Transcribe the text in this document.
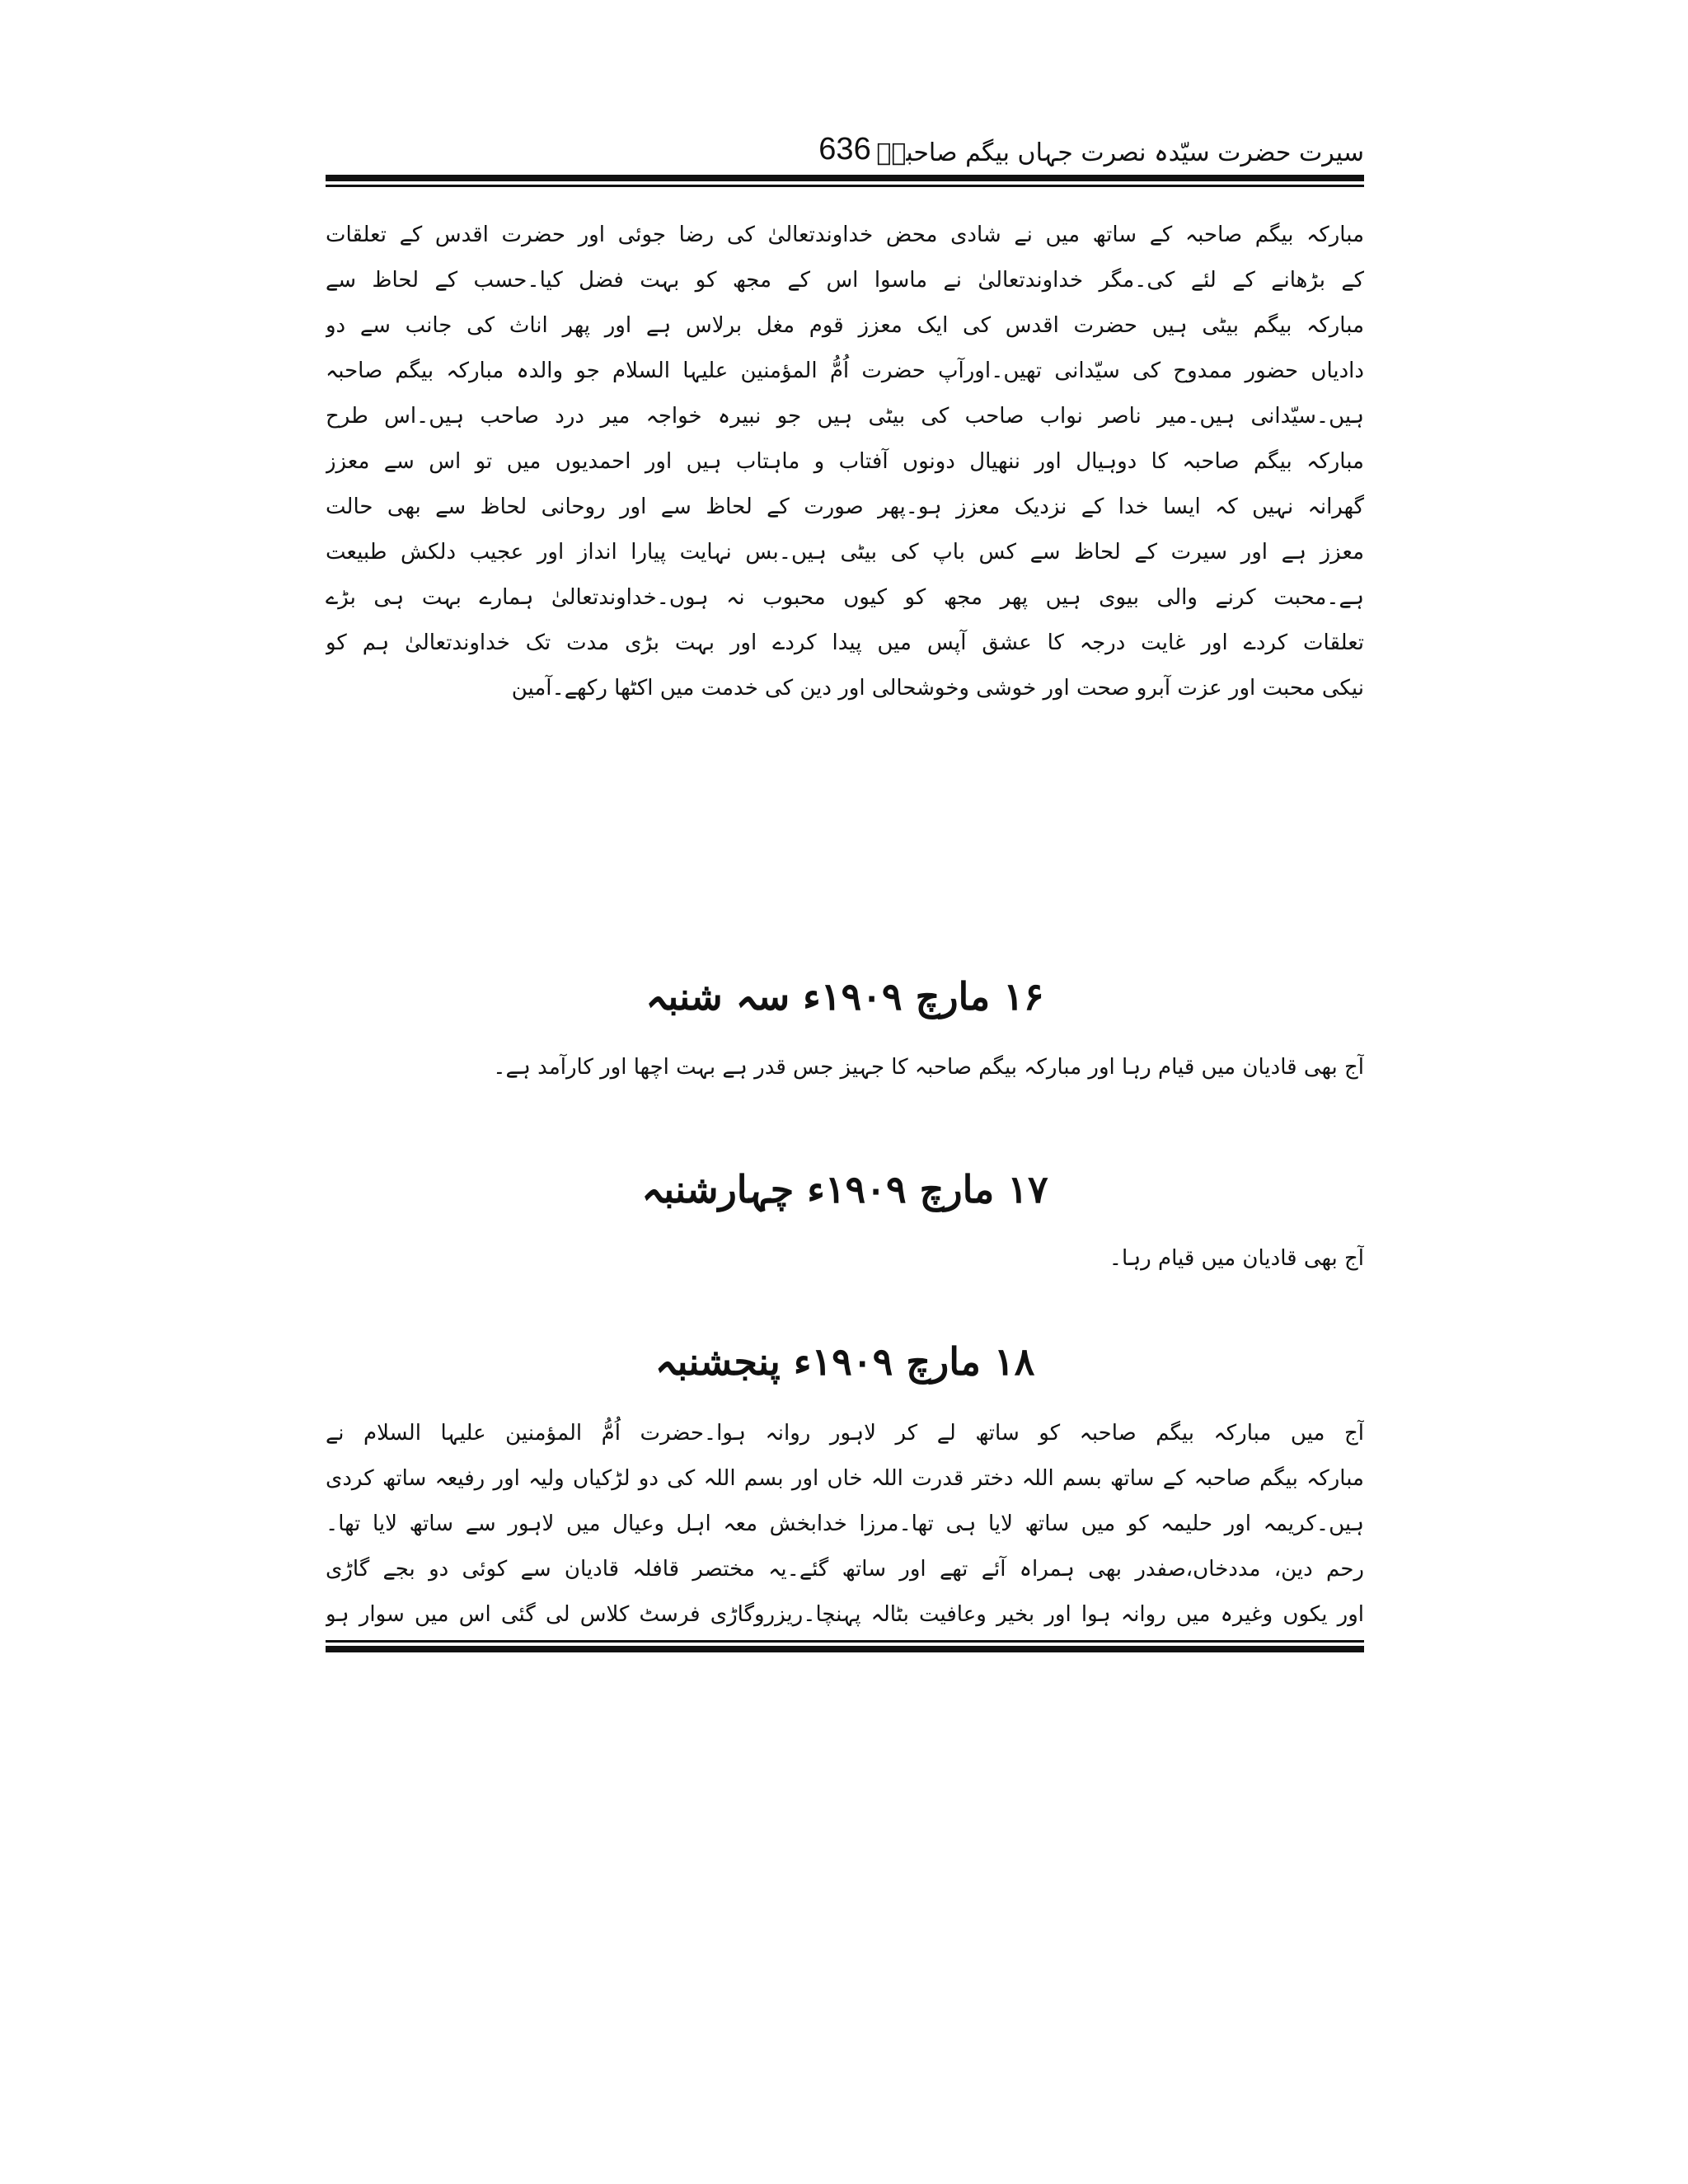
سیرت حضرت سیّدہ نصرت جہاں بیگم صاحبہؓ
636
مبارکہ بیگم صاحبہ کے ساتھ میں نے شادی محض خداوندتعالیٰ کی رضا جوئی اور حضرت اقدس کے تعلقات
کے بڑھانے کے لئے کی۔مگر خداوندتعالیٰ نے ماسوا اس کے مجھ کو بہت فضل کیا۔حسب کے لحاظ سے
مبارکہ بیگم بیٹی ہیں حضرت اقدس کی ایک معزز قوم مغل برلاس ہے اور پھر اناث کی جانب سے دو
دادیاں حضور ممدوح کی سیّدانی تھیں۔اورآپ حضرت اُمُّ المؤمنین علیہا السلام جو والدہ مبارکہ بیگم صاحبہ
ہیں۔سیّدانی ہیں۔میر ناصر نواب صاحب کی بیٹی ہیں جو نبیرہ خواجہ میر درد صاحب ہیں۔اس طرح
مبارکہ بیگم صاحبہ کا دوہیال اور ننھیال دونوں آفتاب و ماہتاب ہیں اور احمدیوں میں تو اس سے معزز
گھرانہ نہیں کہ ایسا خدا کے نزدیک معزز ہو۔پھر صورت کے لحاظ سے اور روحانی لحاظ سے بھی حالت
معزز ہے اور سیرت کے لحاظ سے کس باپ کی بیٹی ہیں۔بس نہایت پیارا انداز اور عجیب دلکش طبیعت
ہے۔محبت کرنے والی بیوی ہیں پھر مجھ کو کیوں محبوب نہ ہوں۔خداوندتعالیٰ ہمارے بہت ہی بڑے
تعلقات کردے اور غایت درجہ کا عشق آپس میں پیدا کردے اور بہت بڑی مدت تک خداوندتعالیٰ ہم کو
نیکی محبت اور عزت آبرو صحت اور خوشی وخوشحالی اور دین کی خدمت میں اکٹھا رکھے۔آمین
۱۶ مارچ ۱۹۰۹ء سہ شنبہ
آج بھی قادیان میں قیام رہا اور مبارکہ بیگم صاحبہ کا جہیز جس قدر ہے بہت اچھا اور کارآمد ہے۔
۱۷ مارچ ۱۹۰۹ء چہارشنبہ
آج بھی قادیان میں قیام رہا۔
۱۸ مارچ ۱۹۰۹ء پنجشنبہ
آج میں مبارکہ بیگم صاحبہ کو ساتھ لے کر لاہور روانہ ہوا۔حضرت اُمُّ المؤمنین علیہا السلام نے
مبارکہ بیگم صاحبہ کے ساتھ بسم اللہ دختر قدرت اللہ خاں اور بسم اللہ کی دو لڑکیاں ولیہ اور رفیعہ ساتھ کردی
ہیں۔کریمہ اور حلیمہ کو میں ساتھ لایا ہی تھا۔مرزا خدابخش معہ اہل وعیال میں لاہور سے ساتھ لایا تھا۔
رحم دین، مددخاں،صفدر بھی ہمراہ آئے تھے اور ساتھ گئے۔یہ مختصر قافلہ قادیان سے کوئی دو بجے گاڑی
اور یکوں وغیرہ میں روانہ ہوا اور بخیر وعافیت بٹالہ پہنچا۔ریزروگاڑی فرسٹ کلاس لی گئی اس میں سوار ہو
